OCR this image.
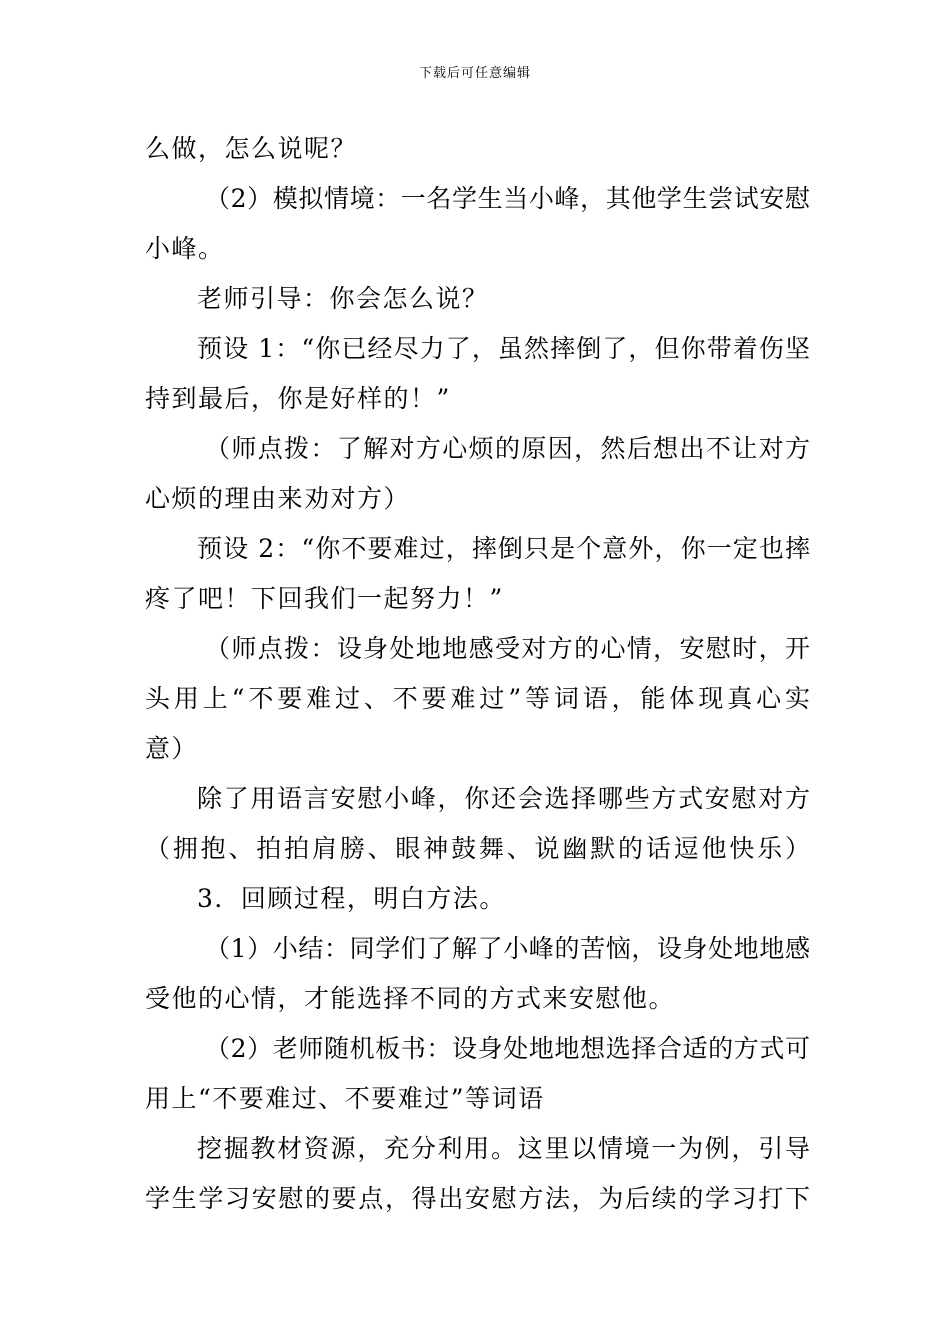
下载后可任意编辑
么做，怎么说呢？
（2）模拟情境：一名学生当小峰，其他学生尝试安慰
小峰。
老师引导：你会怎么说？
预设 1：“你已经尽力了，虽然摔倒了，但你带着伤坚
持到最后，你是好样的！”
（师点拨：了解对方心烦的原因，然后想出不让对方
心烦的理由来劝对方）
预设 2：“你不要难过，摔倒只是个意外，你一定也摔
疼了吧！下回我们一起努力！”
（师点拨：设身处地地感受对方的心情，安慰时，开
头用上“不要难过、不要难过”等词语，能体现真心实
意）
除了用语言安慰小峰，你还会选择哪些方式安慰对方
（拥抱、拍拍肩膀、眼神鼓舞、说幽默的话逗他快乐）
3．回顾过程，明白方法。
（1）小结：同学们了解了小峰的苦恼，设身处地地感
受他的心情，才能选择不同的方式来安慰他。
（2）老师随机板书：设身处地地想选择合适的方式可
用上“不要难过、不要难过”等词语
挖掘教材资源，充分利用。这里以情境一为例，引导
学生学习安慰的要点，得出安慰方法，为后续的学习打下
